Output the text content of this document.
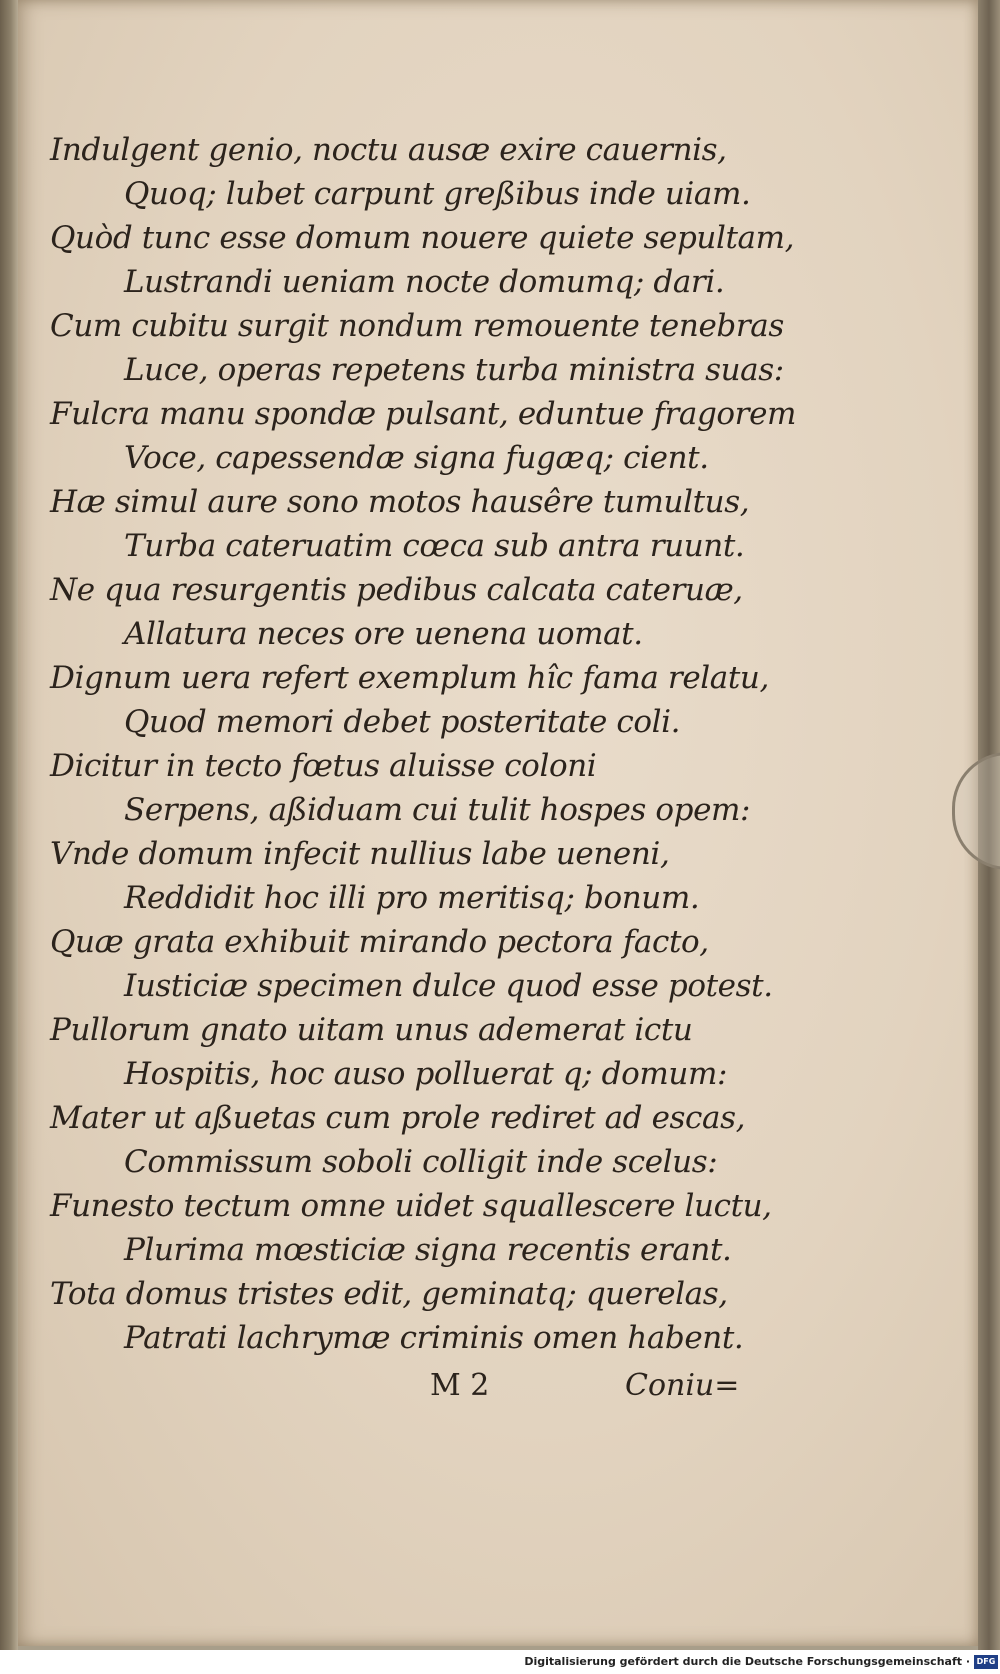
Indulgent genio, noctu ausæ exire cauernis,
Quoq; lubet carpunt greßibus inde uiam.
Quòd tunc esse domum nouere quiete sepultam,
Lustrandi ueniam nocte domumq; dari.
Cum cubitu surgit nondum remouente tenebras
Luce, operas repetens turba ministra suas:
Fulcra manu spondæ pulsant, eduntue fragorem
Voce, capessendæ signa fugæq; cient.
Hæ simul aure sono motos hausêre tumultus,
Turba cateruatim cœca sub antra ruunt.
Ne qua resurgentis pedibus calcata cateruæ,
Allatura neces ore uenena uomat.
Dignum uera refert exemplum hîc fama relatu,
Quod memori debet posteritate coli.
Dicitur in tecto fœtus aluisse coloni
Serpens, aßiduam cui tulit hospes opem:
Vnde domum infecit nullius labe ueneni,
Reddidit hoc illi pro meritisq; bonum.
Quæ grata exhibuit mirando pectora facto,
Iusticiæ specimen dulce quod esse potest.
Pullorum gnato uitam unus ademerat ictu
Hospitis, hoc auso polluerat q; domum:
Mater ut aßuetas cum prole rediret ad escas,
Commissum soboli colligit inde scelus:
Funesto tectum omne uidet squallescere luctu,
Plurima mœsticiæ signa recentis erant.
Tota domus tristes edit, geminatq; querelas,
Patrati lachrymæ criminis omen habent.
M 2	Coniu=
Digitalisierung gefördert durch die Deutsche Forschungsgemeinschaft · DFG
